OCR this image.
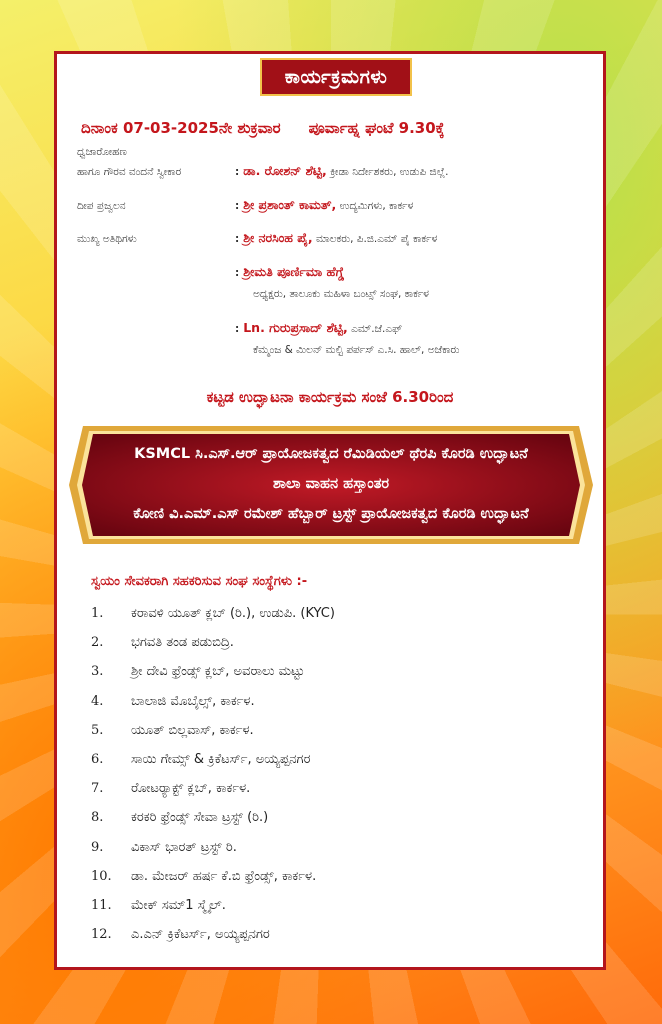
ಕಾರ್ಯಕ್ರಮಗಳು
ದಿನಾಂಕ 07-03-2025ನೇ ಶುಕ್ರವಾರ ಪೂರ್ವಾಹ್ನ ಘಂಟೆ 9.30ಕ್ಕೆ
ಧ್ವಜಾರೋಹಣ
ಹಾಗೂ ಗೌರವ ವಂದನೆ ಸ್ವೀಕಾರ	: ಡಾ. ರೋಶನ್ ಶೆಟ್ಟಿ, ಕ್ರೀಡಾ ನಿರ್ದೇಶಕರು, ಉಡುಪಿ ಜಿಲ್ಲೆ.
ದೀಪ ಪ್ರಜ್ವಲನ	: ಶ್ರೀ ಪ್ರಶಾಂತ್ ಕಾಮತ್, ಉದ್ಯಮಿಗಳು, ಕಾರ್ಕಳ
ಮುಖ್ಯ ಅತಿಥಿಗಳು	: ಶ್ರೀ ನರಸಿಂಹ ಪೈ, ಮಾಲಕರು, ಪಿ.ಜಿ.ಎಮ್ ಪೈ ಕಾರ್ಕಳ
: ಶ್ರೀಮತಿ ಪೂರ್ಣಿಮಾ ಹೆಗ್ಡೆ
ಅಧ್ಯಕ್ಷರು, ತಾಲೂಕು ಮಹಿಳಾ ಬಂಟ್ಸ್ ಸಂಘ, ಕಾರ್ಕಳ
: Ln. ಗುರುಪ್ರಸಾದ್ ಶೆಟ್ಟಿ, ಎಮ್.ಜೆ.ಎಫ್
ಕೆಮ್ಮಂಜ & ಮಿಲನ್ ಮಲ್ಟಿ ಪರ್ಪಸ್ ಎ.ಸಿ. ಹಾಲ್, ಅಜೆಕಾರು
ಕಟ್ಟಡ ಉದ್ಘಾಟನಾ ಕಾರ್ಯಕ್ರಮ ಸಂಜೆ 6.30ರಿಂದ
KSMCL ಸಿ.ಎಸ್.ಆರ್ ಪ್ರಾಯೋಜಕತ್ವದ ರೆಮಿಡಿಯಲ್ ಥೆರಪಿ ಕೊರಡಿ ಉದ್ಘಾಟನೆ
ಶಾಲಾ ವಾಹನ ಹಸ್ತಾಂತರ
ಕೋಣಿ ವಿ.ಎಮ್.ಎಸ್ ರಮೇಶ್ ಹೆಬ್ಬಾರ್ ಟ್ರಸ್ಟ್ ಪ್ರಾಯೋಜಕತ್ವದ ಕೊರಡಿ ಉದ್ಘಾಟನೆ
ಸ್ವಯಂ ಸೇವಕರಾಗಿ ಸಹಕರಿಸುವ ಸಂಘ ಸಂಸ್ಥೆಗಳು :-
1. ಕರಾವಳಿ ಯೂತ್ ಕ್ಲಬ್ (ರಿ.), ಉಡುಪಿ. (KYC)
2. ಭಗವತಿ ತಂಡ ಪಡುಬಿದ್ರಿ.
3. ಶ್ರೀ ದೇವಿ ಫ್ರೆಂಡ್ಸ್ ಕ್ಲಬ್, ಅವರಾಲು ಮಟ್ಟು
4. ಬಾಲಾಜಿ ಮೊಬೈಲ್ಸ್, ಕಾರ್ಕಳ.
5. ಯೂತ್ ಬಿಲ್ಲವಾಸ್, ಕಾರ್ಕಳ.
6. ಸಾಯಿ ಗೇಮ್ಸ್ & ಕ್ರಿಕೆಟರ್ಸ್, ಅಯ್ಯಪ್ಪನಗರ
7. ರೋಟರ‍್ಯಾಕ್ಟ್ ಕ್ಲಬ್, ಕಾರ್ಕಳ.
8. ಕರಕರಿ ಫ್ರೆಂಡ್ಸ್ ಸೇವಾ ಟ್ರಸ್ಟ್ (ರಿ.)
9. ವಿಕಾಸ್ ಭಾರತ್ ಟ್ರಸ್ಟ್ ರಿ.
10. ಡಾ. ಮೇಜರ್ ಹರ್ಷ ಕೆ.ಬಿ ಫ್ರೆಂಡ್ಸ್, ಕಾರ್ಕಳ.
11. ಮೇಕ್ ಸಮ್1 ಸ್ಮೈಲ್.
12. ಎ.ಎನ್ ಕ್ರಿಕೆಟರ್ಸ್, ಅಯ್ಯಪ್ಪನಗರ
